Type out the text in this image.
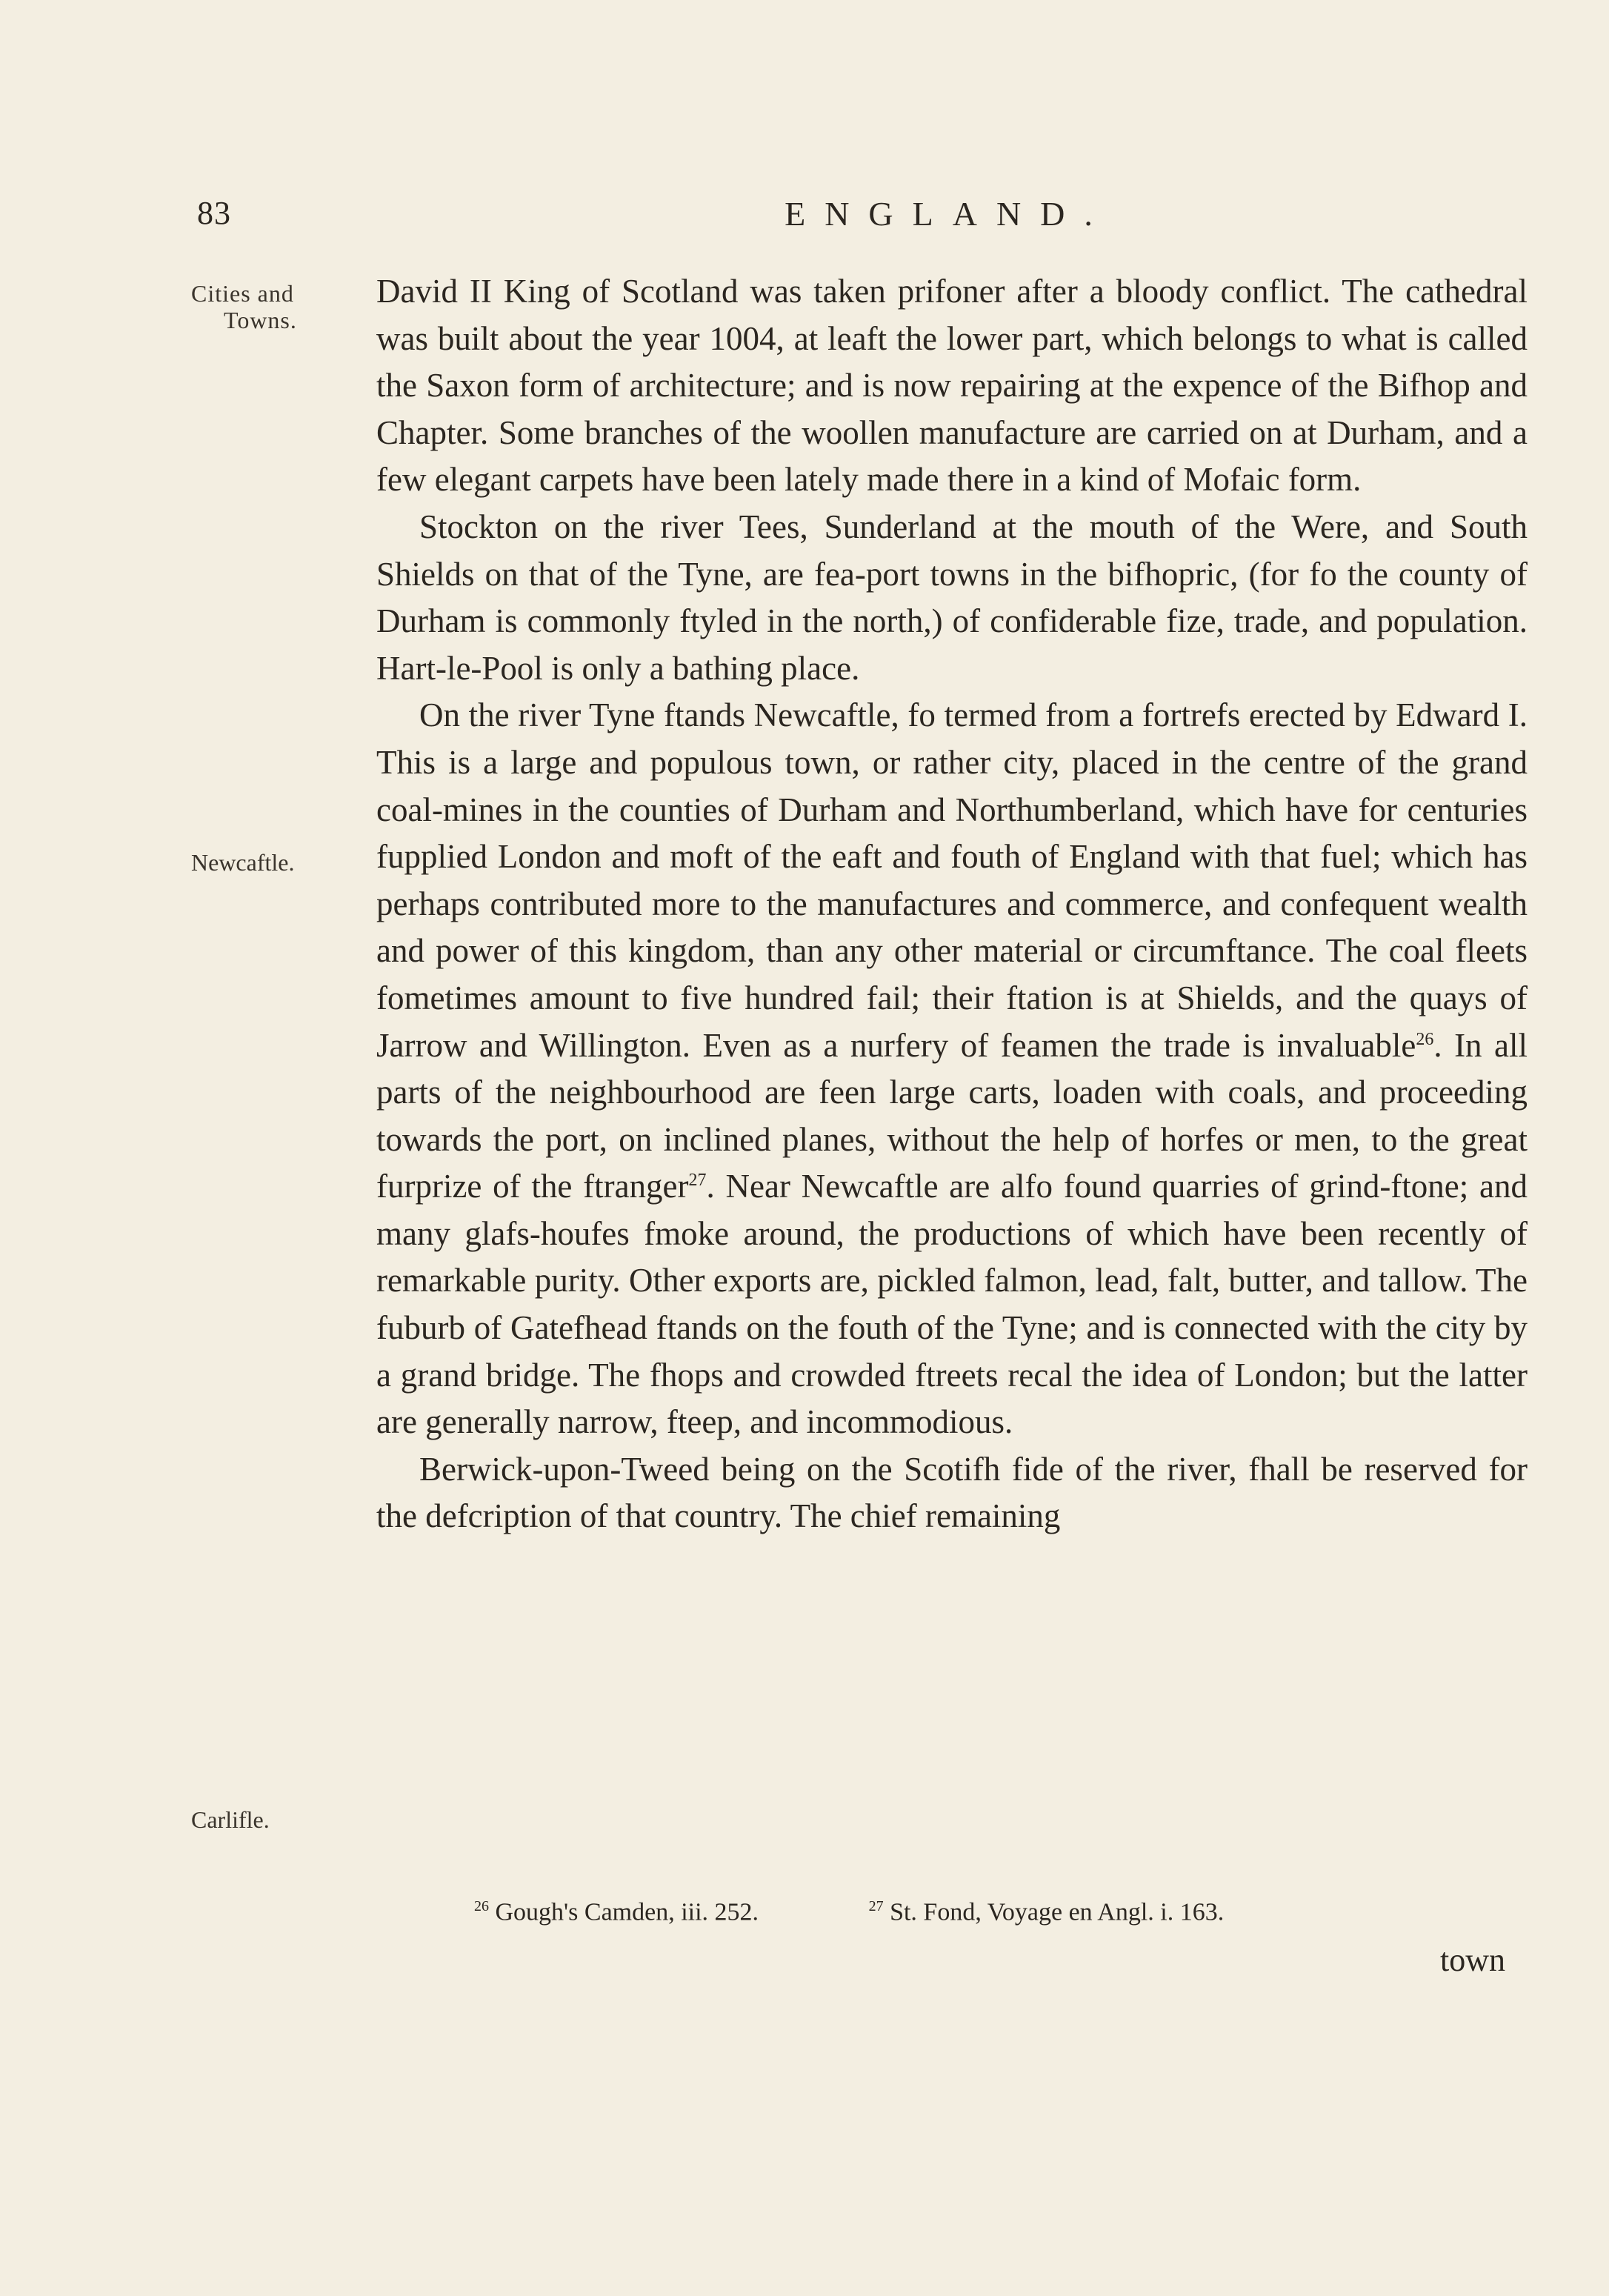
83	ENGLAND.
Cities and
Towns.
Newcaftle.
Carlifle.

David II King of Scotland was taken prifoner after a bloody conflict. The cathedral was built about the year 1004, at leaft the lower part, which belongs to what is called the Saxon form of architecture; and is now repairing at the expence of the Bifhop and Chapter. Some branches of the woollen manufacture are carried on at Durham, and a few elegant carpets have been lately made there in a kind of Mofaic form.

Stockton on the river Tees, Sunderland at the mouth of the Were, and South Shields on that of the Tyne, are fea-port towns in the bifhopric, (for fo the county of Durham is commonly ftyled in the north,) of confiderable fize, trade, and population. Hart-le-Pool is only a bathing place.

On the river Tyne ftands Newcaftle, fo termed from a fortrefs erected by Edward I. This is a large and populous town, or rather city, placed in the centre of the grand coal-mines in the counties of Durham and Northumberland, which have for centuries fupplied London and moft of the eaft and fouth of England with that fuel; which has perhaps contributed more to the manufactures and commerce, and confequent wealth and power of this kingdom, than any other material or circumftance. The coal fleets fometimes amount to five hundred fail; their ftation is at Shields, and the quays of Jarrow and Willington. Even as a nurfery of feamen the trade is invaluable$^{26}$. In all parts of the neighbourhood are feen large carts, loaden with coals, and proceeding towards the port, on inclined planes, without the help of horfes or men, to the great furprize of the ftranger$^{27}$. Near Newcaftle are alfo found quarries of grind-ftone; and many glafs-houfes fmoke around, the productions of which have been recently of remarkable purity. Other exports are, pickled falmon, lead, falt, butter, and tallow. The fuburb of Gatefhead ftands on the fouth of the Tyne; and is connected with the city by a grand bridge. The fhops and crowded ftreets recal the idea of London; but the latter are generally narrow, fteep, and incommodious.

Berwick-upon-Tweed being on the Scotifh fide of the river, fhall be reserved for the defcription of that country. The chief remaining

$^{26}$ Gough's Camden, iii. 252.	$^{27}$ St. Fond, Voyage en Angl. i. 163.
town
